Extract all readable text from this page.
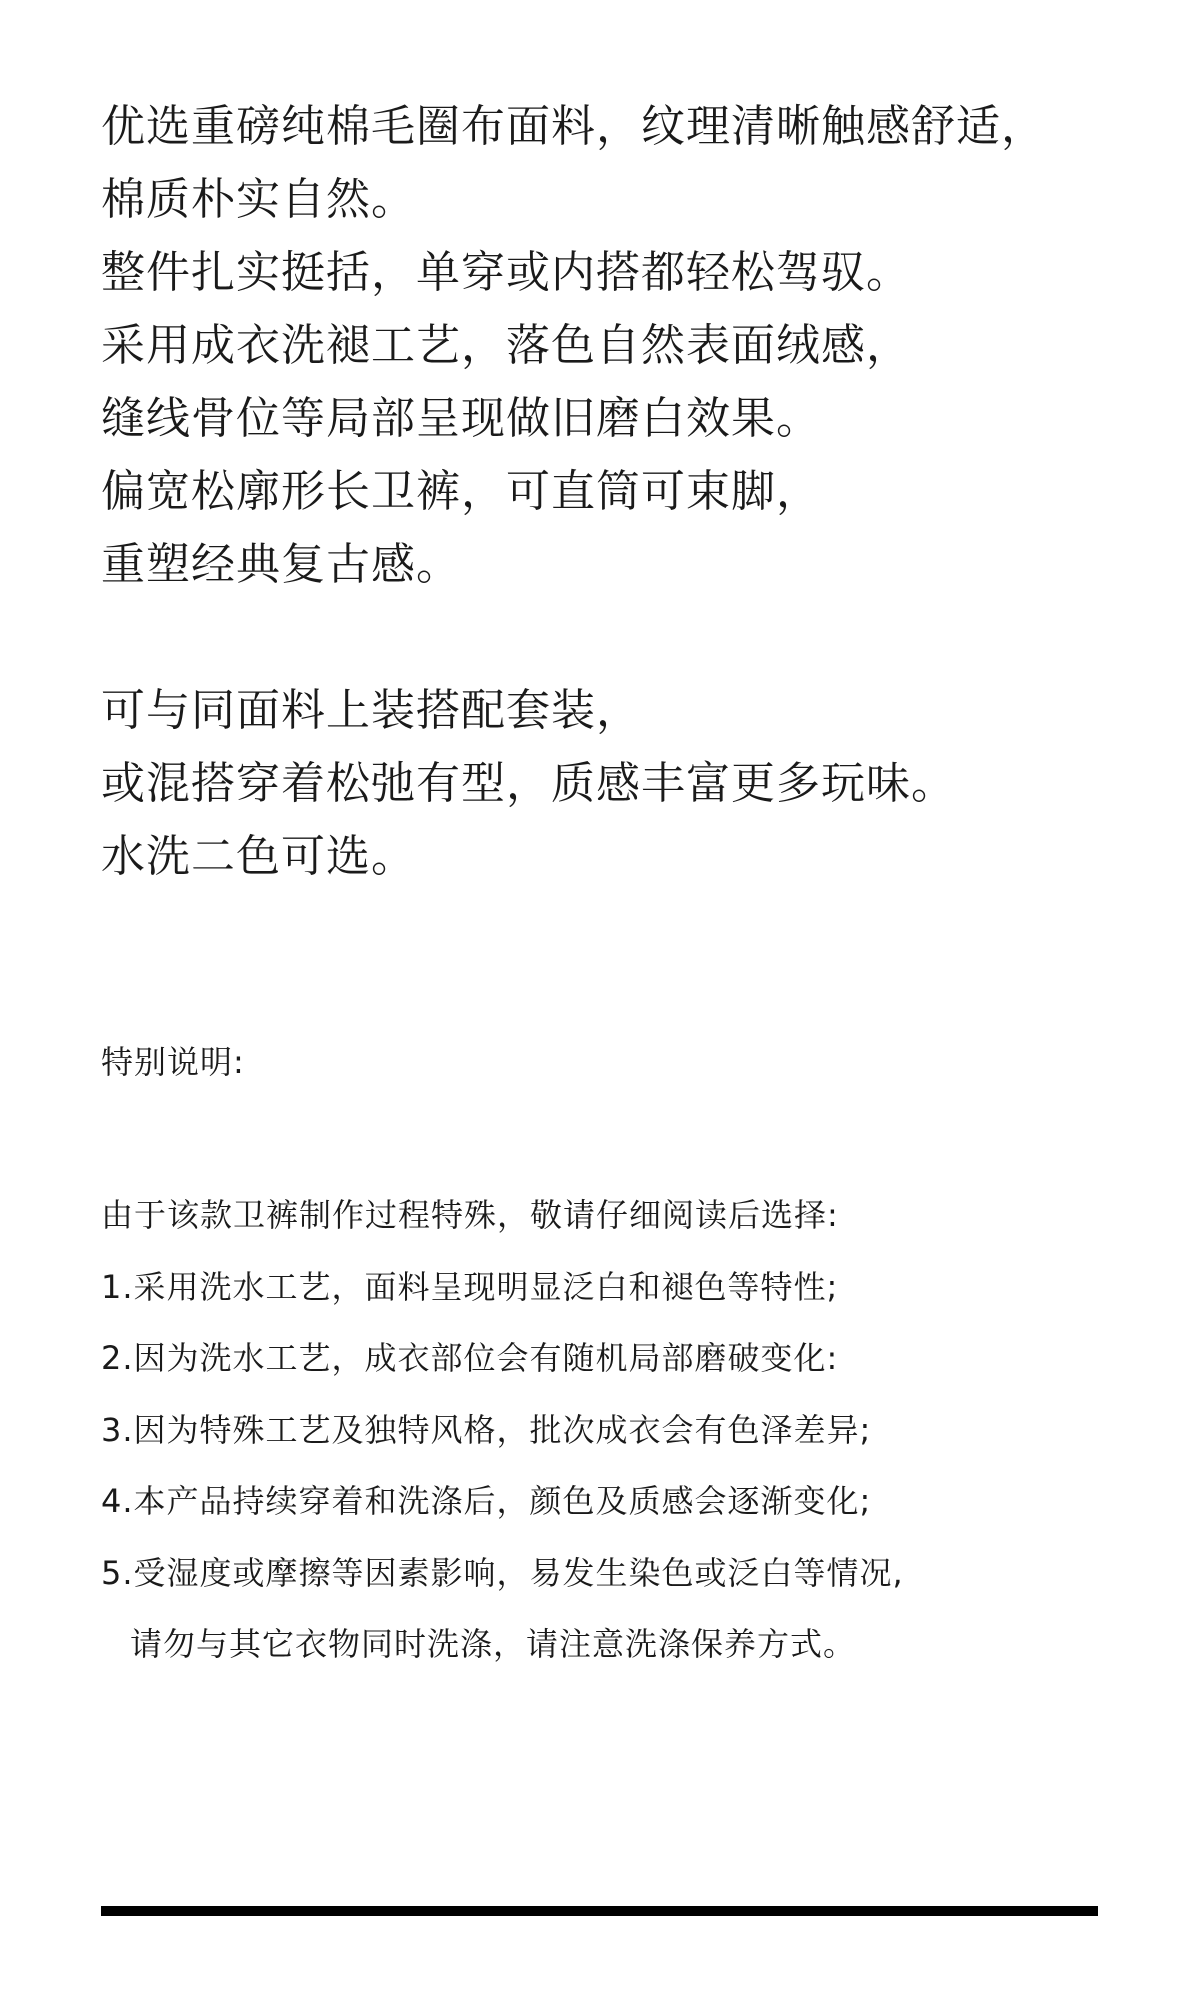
优选重磅纯棉毛圈布面料，纹理清晰触感舒适，
棉质朴实自然。
整件扎实挺括，单穿或内搭都轻松驾驭。
采用成衣洗褪工艺，落色自然表面绒感，
缝线骨位等局部呈现做旧磨白效果。
偏宽松廓形长卫裤，可直筒可束脚，
重塑经典复古感。
可与同面料上装搭配套装，
或混搭穿着松弛有型，质感丰富更多玩味。
水洗二色可选。
特别说明:
由于该款卫裤制作过程特殊，敬请仔细阅读后选择:
1.采用洗水工艺，面料呈现明显泛白和褪色等特性;
2.因为洗水工艺，成衣部位会有随机局部磨破变化:
3.因为特殊工艺及独特风格，批次成衣会有色泽差异;
4.本产品持续穿着和洗涤后，颜色及质感会逐渐变化;
5.受湿度或摩擦等因素影响，易发生染色或泛白等情况,
请勿与其它衣物同时洗涤，请注意洗涤保养方式。
